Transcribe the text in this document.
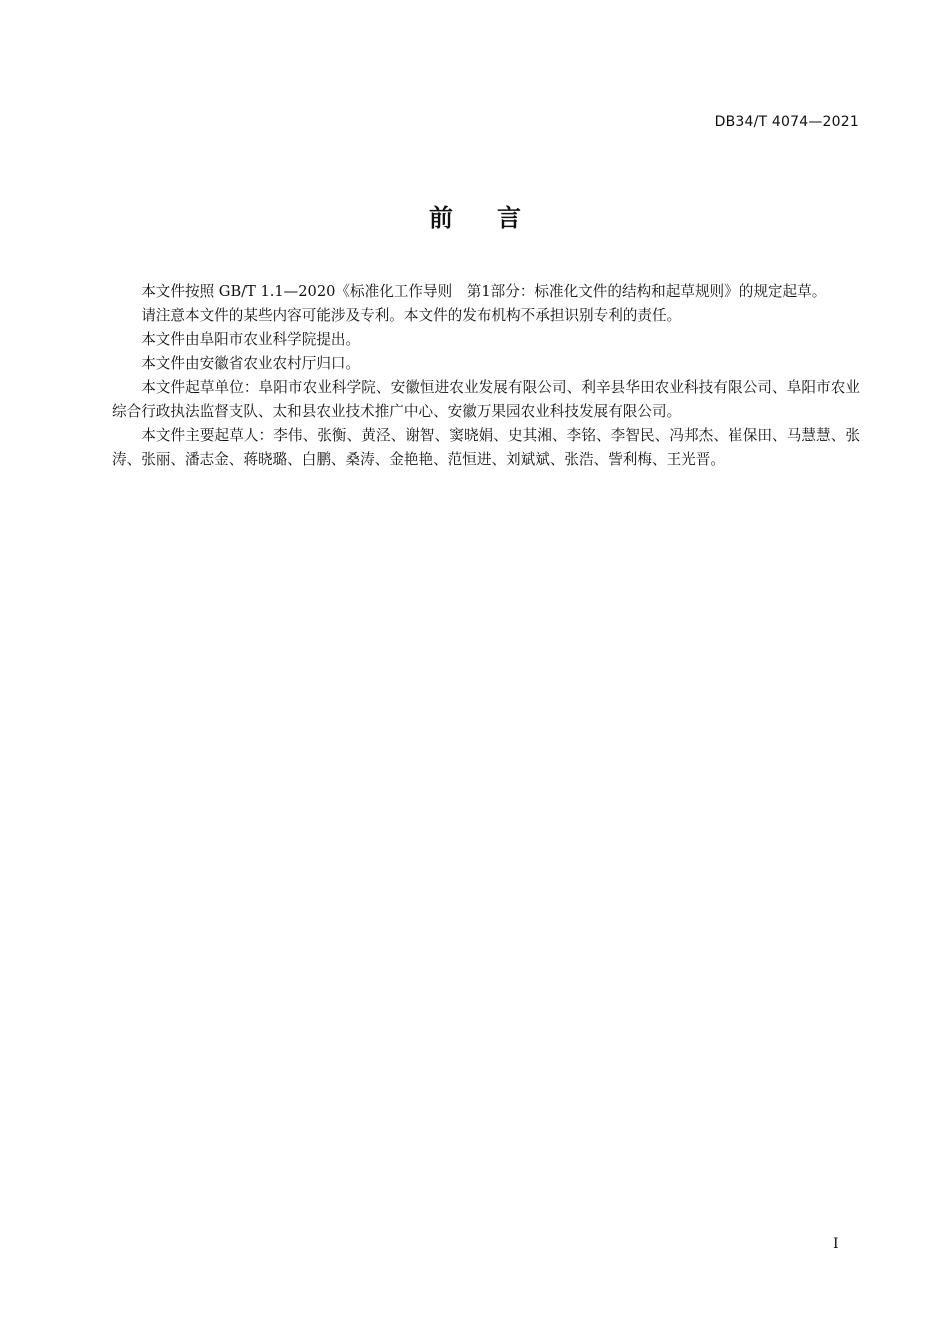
DB34/T 4074—2021
前言

本文件按照 GB/T 1.1—2020《标准化工作导则　第1部分：标准化文件的结构和起草规则》的规定起草。

请注意本文件的某些内容可能涉及专利。本文件的发布机构不承担识别专利的责任。

本文件由阜阳市农业科学院提出。

本文件由安徽省农业农村厅归口。

本文件起草单位：阜阳市农业科学院、安徽恒进农业发展有限公司、利辛县华田农业科技有限公司、阜阳市农业综合行政执法监督支队、太和县农业技术推广中心、安徽万果园农业科技发展有限公司。

本文件主要起草人：李伟、张衡、黄泾、谢智、窦晓娟、史其湘、李铭、李智民、冯邦杰、崔保田、马慧慧、张涛、张丽、潘志金、蒋晓璐、白鹏、桑涛、金艳艳、范恒进、刘斌斌、张浩、訾利梅、王光晋。

I
